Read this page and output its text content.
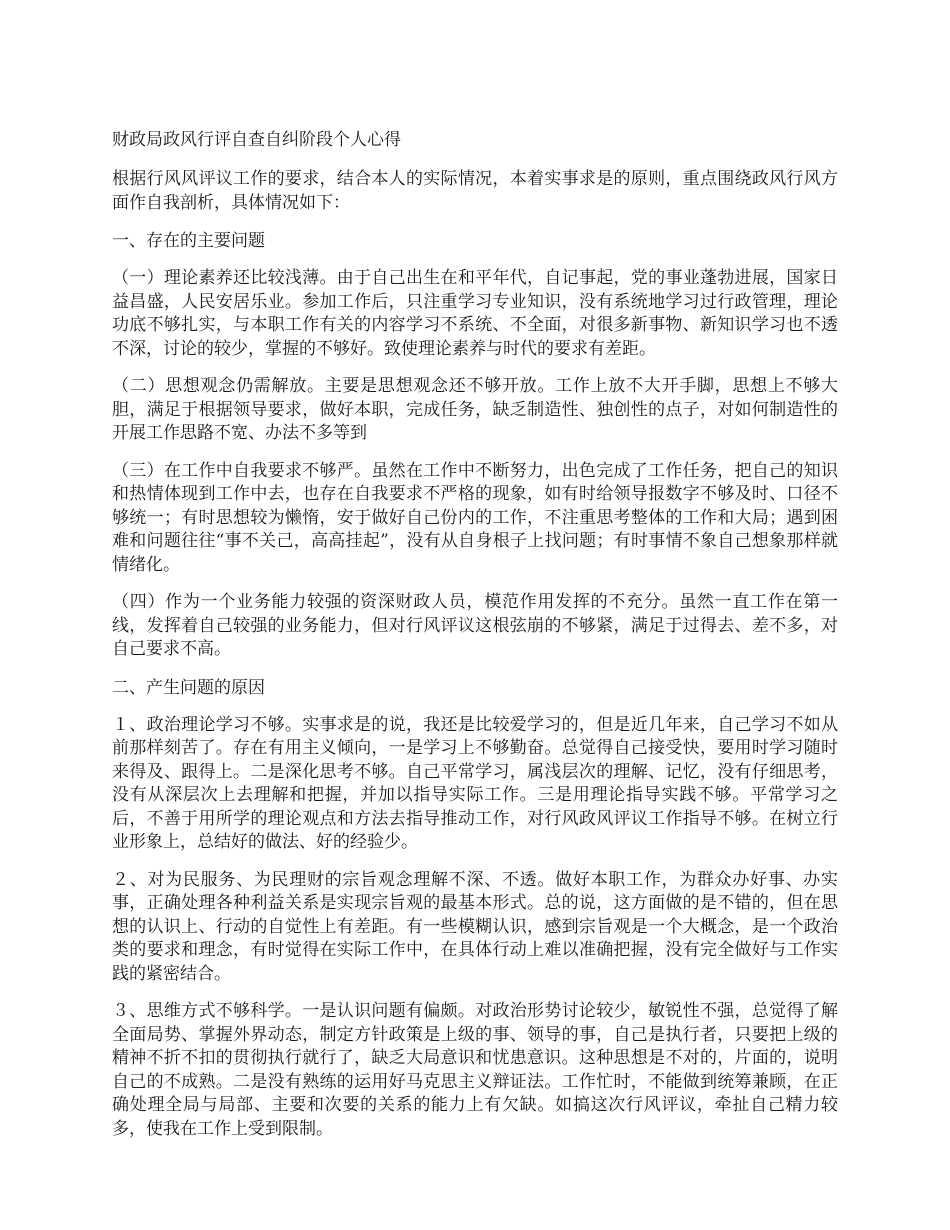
财政局政风行评自查自纠阶段个人心得
根据行风风评议工作的要求，结合本人的实际情况，本着实事求是的原则，重点围绕政风行风方面作自我剖析，具体情况如下：
一、存在的主要问题
（一）理论素养还比较浅薄。由于自己出生在和平年代，自记事起，党的事业蓬勃进展，国家日益昌盛，人民安居乐业。参加工作后，只注重学习专业知识，没有系统地学习过行政管理，理论功底不够扎实，与本职工作有关的内容学习不系统、不全面，对很多新事物、新知识学习也不透不深，讨论的较少，掌握的不够好。致使理论素养与时代的要求有差距。
（二）思想观念仍需解放。主要是思想观念还不够开放。工作上放不大开手脚，思想上不够大胆，满足于根据领导要求，做好本职，完成任务，缺乏制造性、独创性的点子，对如何制造性的开展工作思路不宽、办法不多等到
（三）在工作中自我要求不够严。虽然在工作中不断努力，出色完成了工作任务，把自己的知识和热情体现到工作中去，也存在自我要求不严格的现象，如有时给领导报数字不够及时、口径不够统一；有时思想较为懒惰，安于做好自己份内的工作，不注重思考整体的工作和大局；遇到困难和问题往往“事不关己，高高挂起”，没有从自身根子上找问题；有时事情不象自己想象那样就情绪化。
（四）作为一个业务能力较强的资深财政人员，模范作用发挥的不充分。虽然一直工作在第一线，发挥着自己较强的业务能力，但对行风评议这根弦崩的不够紧，满足于过得去、差不多，对自己要求不高。
二、产生问题的原因
１、政治理论学习不够。实事求是的说，我还是比较爱学习的，但是近几年来，自己学习不如从前那样刻苦了。存在有用主义倾向，一是学习上不够勤奋。总觉得自己接受快，要用时学习随时来得及、跟得上。二是深化思考不够。自己平常学习，属浅层次的理解、记忆，没有仔细思考，没有从深层次上去理解和把握，并加以指导实际工作。三是用理论指导实践不够。平常学习之后，不善于用所学的理论观点和方法去指导推动工作，对行风政风评议工作指导不够。在树立行业形象上，总结好的做法、好的经验少。
２、对为民服务、为民理财的宗旨观念理解不深、不透。做好本职工作，为群众办好事、办实事，正确处理各种利益关系是实现宗旨观的最基本形式。总的说，这方面做的是不错的，但在思想的认识上、行动的自觉性上有差距。有一些模糊认识，感到宗旨观是一个大概念，是一个政治类的要求和理念，有时觉得在实际工作中，在具体行动上难以准确把握，没有完全做好与工作实践的紧密结合。
３、思维方式不够科学。一是认识问题有偏颇。对政治形势讨论较少，敏锐性不强，总觉得了解全面局势、掌握外界动态，制定方针政策是上级的事、领导的事，自己是执行者，只要把上级的精神不折不扣的贯彻执行就行了，缺乏大局意识和忧患意识。这种思想是不对的，片面的，说明自己的不成熟。二是没有熟练的运用好马克思主义辩证法。工作忙时，不能做到统筹兼顾，在正确处理全局与局部、主要和次要的关系的能力上有欠缺。如搞这次行风评议，牵扯自己精力较多，使我在工作上受到限制。
